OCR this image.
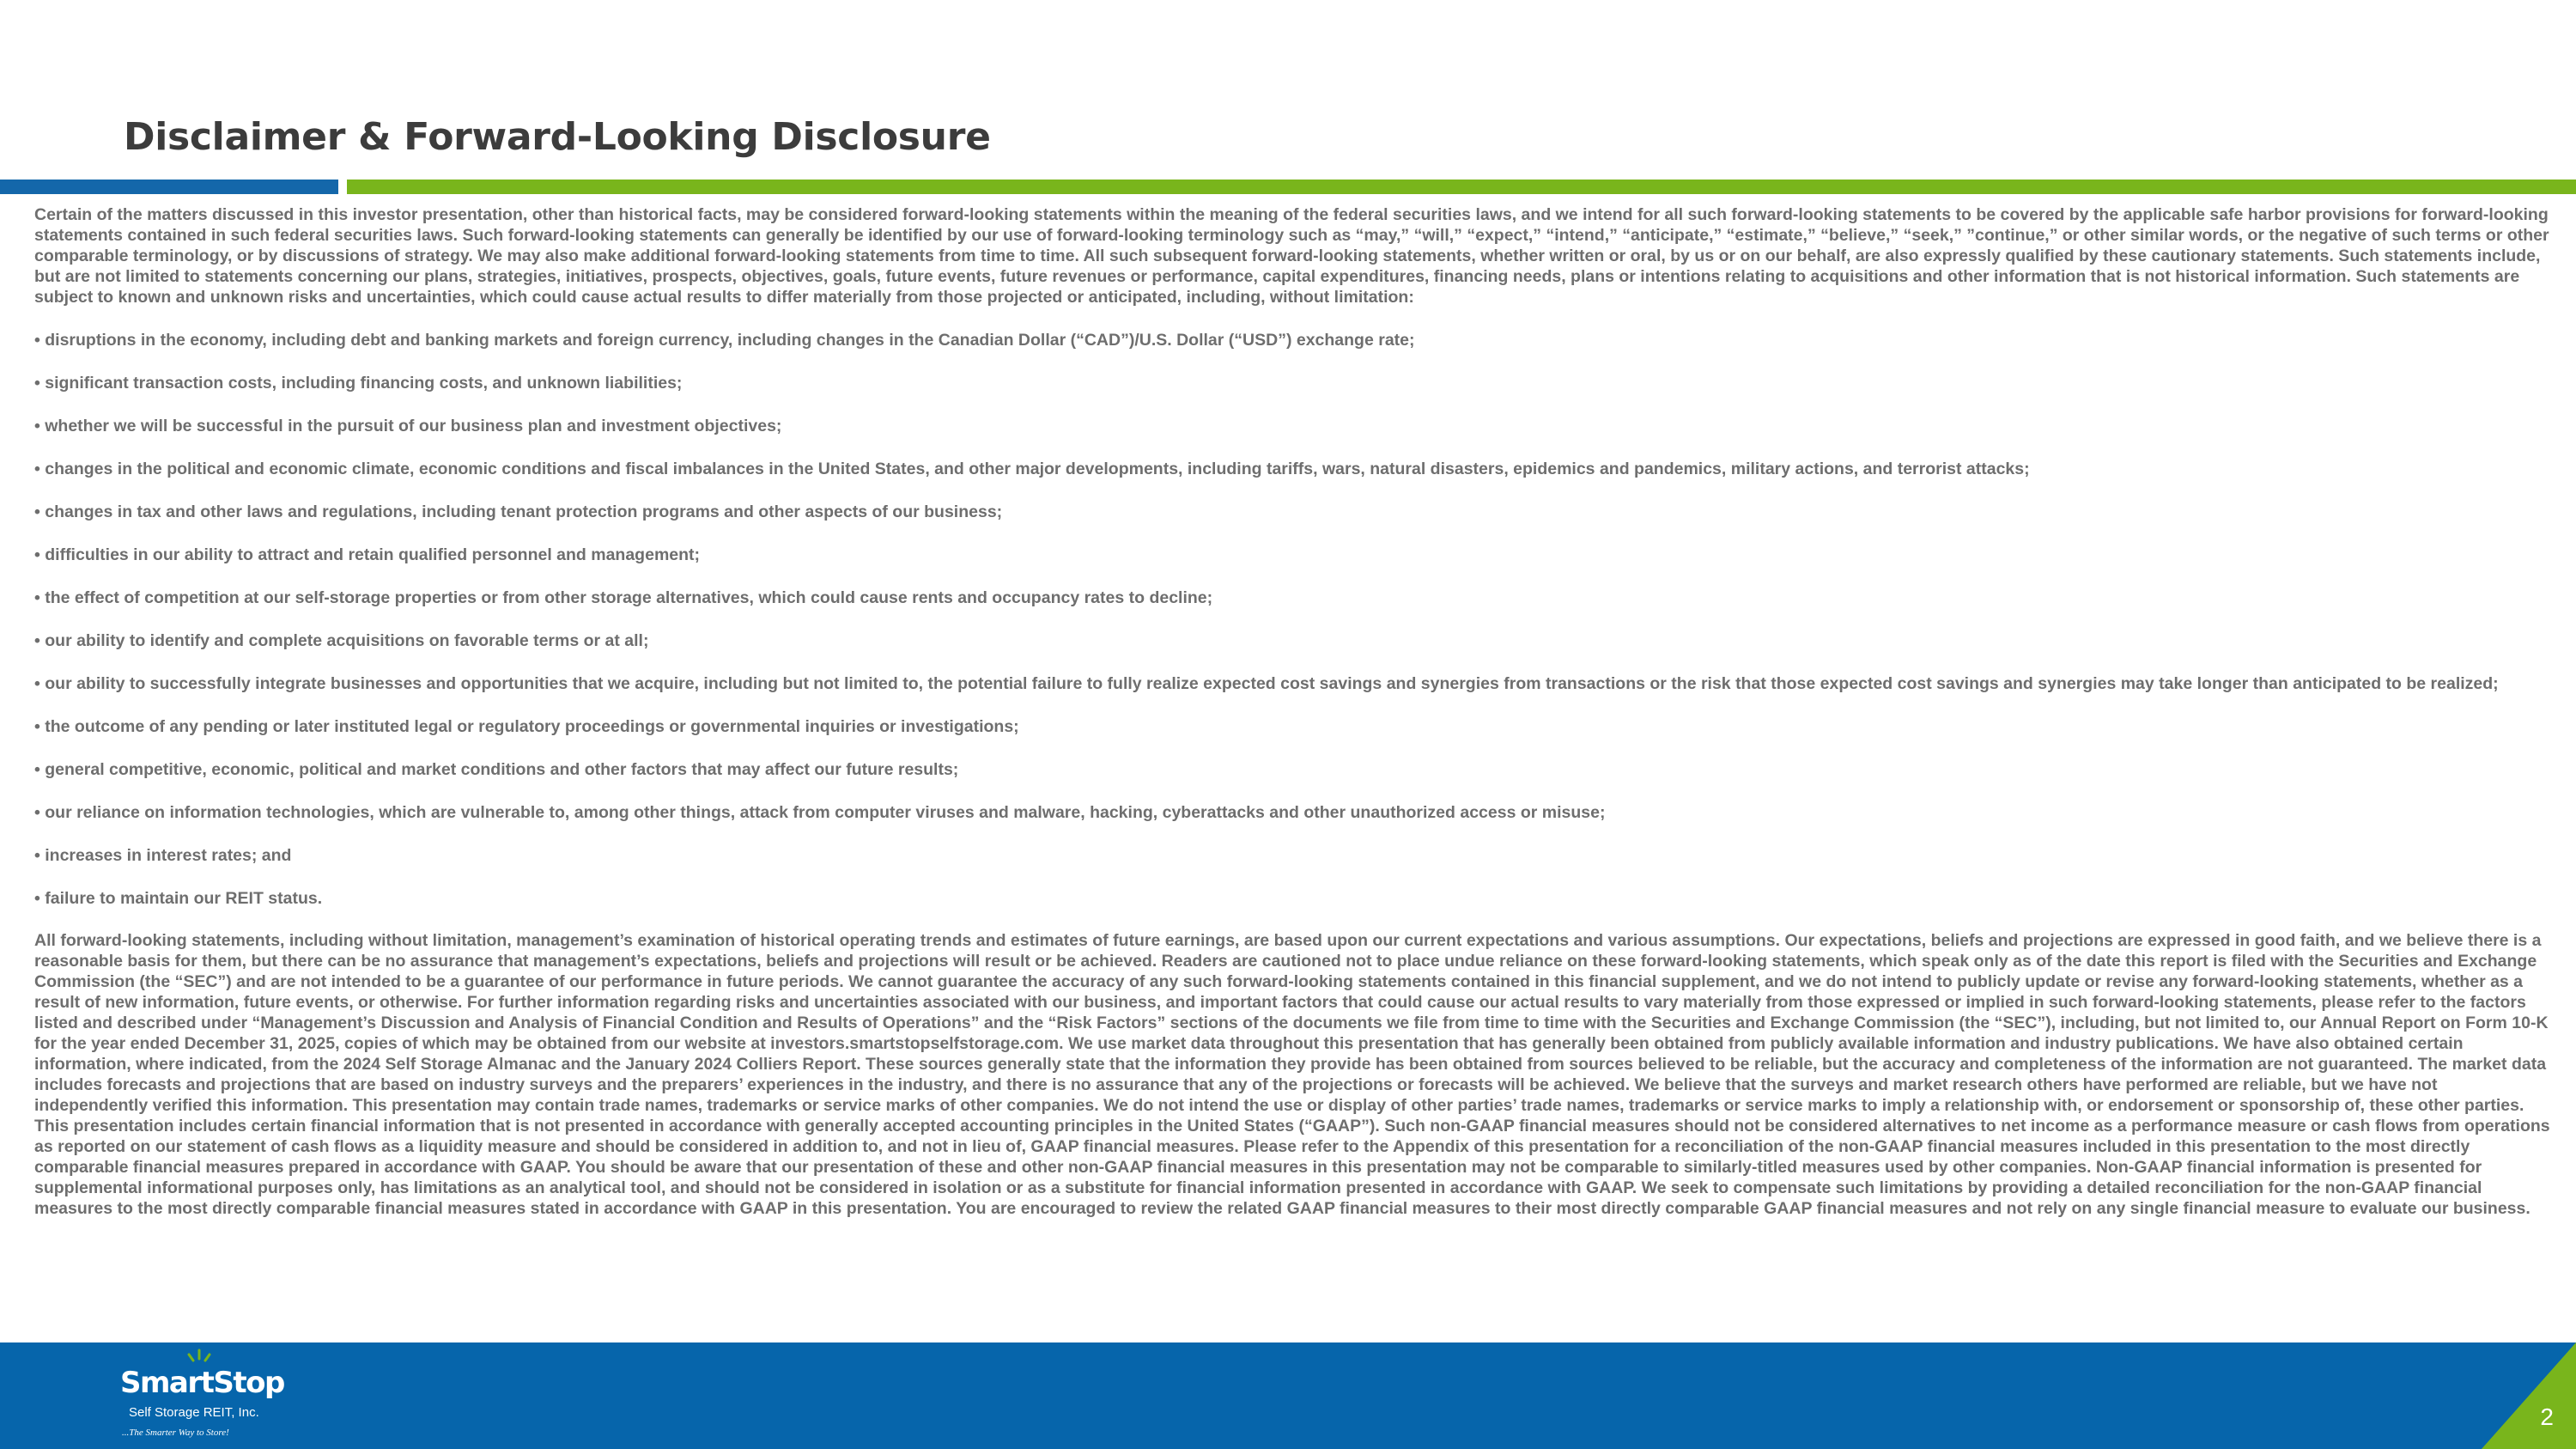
Disclaimer & Forward-Looking Disclosure

Certain of the matters discussed in this investor presentation, other than historical facts, may be considered forward-looking statements within the meaning of the federal securities laws, and we intend for all such forward-looking statements to be covered by the applicable safe harbor provisions for forward-looking statements contained in such federal securities laws. Such forward-looking statements can generally be identified by our use of forward-looking terminology such as “may,” “will,” “expect,” “intend,” “anticipate,” “estimate,” “believe,” “seek,” ”continue,” or other similar words, or the negative of such terms or other comparable terminology, or by discussions of strategy. We may also make additional forward-looking statements from time to time. All such subsequent forward-looking statements, whether written or oral, by us or on our behalf, are also expressly qualified by these cautionary statements. Such statements include, but are not limited to statements concerning our plans, strategies, initiatives, prospects, objectives, goals, future events, future revenues or performance, capital expenditures, financing needs, plans or intentions relating to acquisitions and other information that is not historical information. Such statements are subject to known and unknown risks and uncertainties, which could cause actual results to differ materially from those projected or anticipated, including, without limitation:

• disruptions in the economy, including debt and banking markets and foreign currency, including changes in the Canadian Dollar (“CAD”)/U.S. Dollar (“USD”) exchange rate;

• significant transaction costs, including financing costs, and unknown liabilities;

• whether we will be successful in the pursuit of our business plan and investment objectives;

• changes in the political and economic climate, economic conditions and fiscal imbalances in the United States, and other major developments, including tariffs, wars, natural disasters, epidemics and pandemics, military actions, and terrorist attacks;

• changes in tax and other laws and regulations, including tenant protection programs and other aspects of our business;

• difficulties in our ability to attract and retain qualified personnel and management;

• the effect of competition at our self-storage properties or from other storage alternatives, which could cause rents and occupancy rates to decline;

• our ability to identify and complete acquisitions on favorable terms or at all;

• our ability to successfully integrate businesses and opportunities that we acquire, including but not limited to, the potential failure to fully realize expected cost savings and synergies from transactions or the risk that those expected cost savings and synergies may take longer than anticipated to be realized;

• the outcome of any pending or later instituted legal or regulatory proceedings or governmental inquiries or investigations;

• general competitive, economic, political and market conditions and other factors that may affect our future results;

• our reliance on information technologies, which are vulnerable to, among other things, attack from computer viruses and malware, hacking, cyberattacks and other unauthorized access or misuse;

• increases in interest rates; and

• failure to maintain our REIT status.

All forward-looking statements, including without limitation, management’s examination of historical operating trends and estimates of future earnings, are based upon our current expectations and various assumptions. Our expectations, beliefs and projections are expressed in good faith, and we believe there is a reasonable basis for them, but there can be no assurance that management’s expectations, beliefs and projections will result or be achieved. Readers are cautioned not to place undue reliance on these forward-looking statements, which speak only as of the date this report is filed with the Securities and Exchange Commission (the “SEC”) and are not intended to be a guarantee of our performance in future periods. We cannot guarantee the accuracy of any such forward-looking statements contained in this financial supplement, and we do not intend to publicly update or revise any forward-looking statements, whether as a result of new information, future events, or otherwise. For further information regarding risks and uncertainties associated with our business, and important factors that could cause our actual results to vary materially from those expressed or implied in such forward-looking statements, please refer to the factors listed and described under “Management’s Discussion and Analysis of Financial Condition and Results of Operations” and the “Risk Factors” sections of the documents we file from time to time with the Securities and Exchange Commission (the “SEC”), including, but not limited to, our Annual Report on Form 10-K for the year ended December 31, 2025, copies of which may be obtained from our website at investors.smartstopselfstorage.com. We use market data throughout this presentation that has generally been obtained from publicly available information and industry publications. We have also obtained certain information, where indicated, from the 2024 Self Storage Almanac and the January 2024 Colliers Report. These sources generally state that the information they provide has been obtained from sources believed to be reliable, but the accuracy and completeness of the information are not guaranteed. The market data includes forecasts and projections that are based on industry surveys and the preparers’ experiences in the industry, and there is no assurance that any of the projections or forecasts will be achieved. We believe that the surveys and market research others have performed are reliable, but we have not independently verified this information. This presentation may contain trade names, trademarks or service marks of other companies. We do not intend the use or display of other parties’ trade names, trademarks or service marks to imply a relationship with, or endorsement or sponsorship of, these other parties. This presentation includes certain financial information that is not presented in accordance with generally accepted accounting principles in the United States (“GAAP”). Such non-GAAP financial measures should not be considered alternatives to net income as a performance measure or cash flows from operations as reported on our statement of cash flows as a liquidity measure and should be considered in addition to, and not in lieu of, GAAP financial measures. Please refer to the Appendix of this presentation for a reconciliation of the non-GAAP financial measures included in this presentation to the most directly comparable financial measures prepared in accordance with GAAP. You should be aware that our presentation of these and other non-GAAP financial measures in this presentation may not be comparable to similarly-titled measures used by other companies. Non-GAAP financial information is presented for supplemental informational purposes only, has limitations as an analytical tool, and should not be considered in isolation or as a substitute for financial information presented in accordance with GAAP. We seek to compensate such limitations by providing a detailed reconciliation for the non-GAAP financial measures to the most directly comparable financial measures stated in accordance with GAAP in this presentation. You are encouraged to review the related GAAP financial measures to their most directly comparable GAAP financial measures and not rely on any single financial measure to evaluate our business.

2
SmartStop
Self Storage REIT, Inc.
...The Smarter Way to Store!
